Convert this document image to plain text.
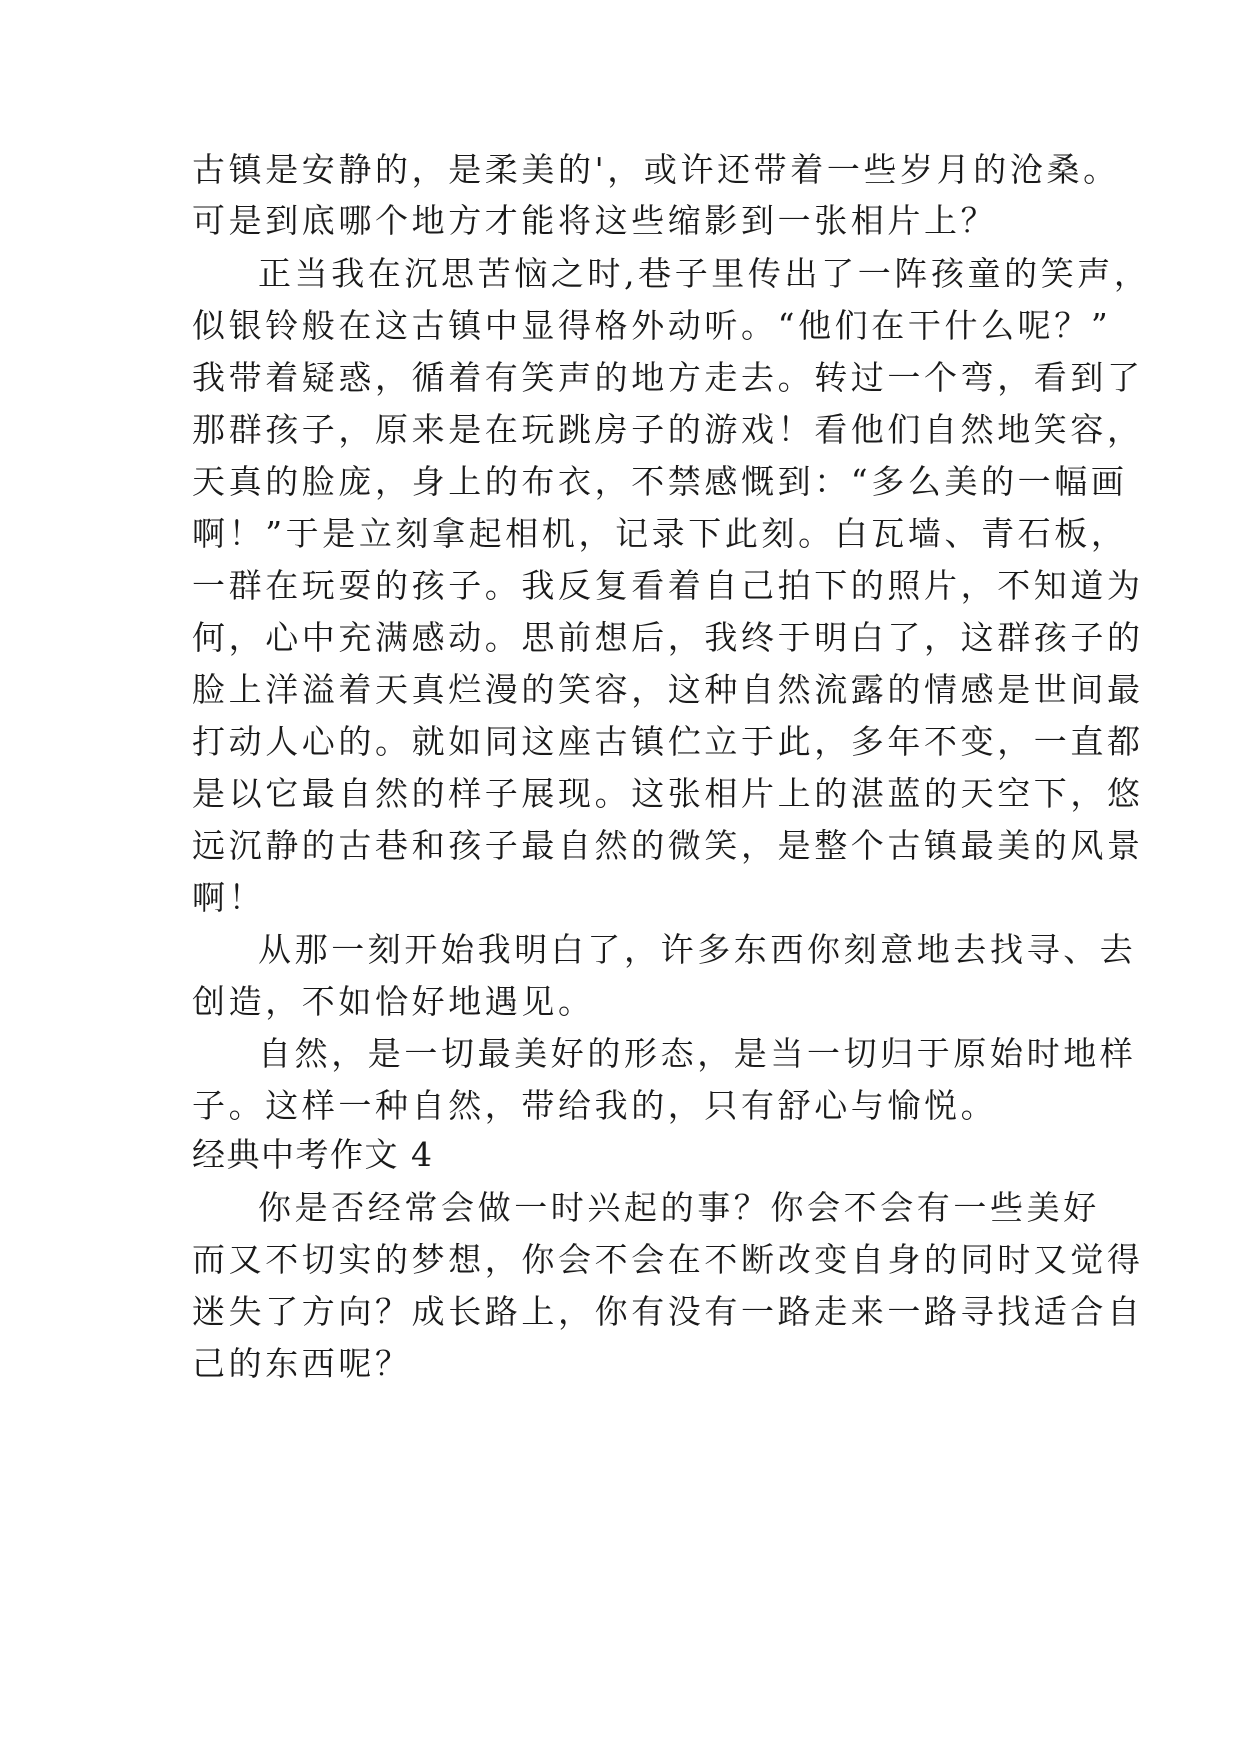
古镇是安静的，是柔美的'，或许还带着一些岁月的沧桑。

可是到底哪个地方才能将这些缩影到一张相片上？

正当我在沉思苦恼之时,巷子里传出了一阵孩童的笑声，

似银铃般在这古镇中显得格外动听。“他们在干什么呢？”

我带着疑惑，循着有笑声的地方走去。转过一个弯，看到了

那群孩子，原来是在玩跳房子的游戏！看他们自然地笑容，

天真的脸庞，身上的布衣，不禁感慨到：“多么美的一幅画

啊！”于是立刻拿起相机，记录下此刻。白瓦墙、青石板，

一群在玩耍的孩子。我反复看着自己拍下的照片，不知道为

何，心中充满感动。思前想后，我终于明白了，这群孩子的

脸上洋溢着天真烂漫的笑容，这种自然流露的情感是世间最

打动人心的。就如同这座古镇伫立于此，多年不变，一直都

是以它最自然的样子展现。这张相片上的湛蓝的天空下，悠

远沉静的古巷和孩子最自然的微笑，是整个古镇最美的风景

啊！

从那一刻开始我明白了，许多东西你刻意地去找寻、去

创造，不如恰好地遇见。

自然，是一切最美好的形态，是当一切归于原始时地样

子。这样一种自然，带给我的，只有舒心与愉悦。

经典中考作文 4

你是否经常会做一时兴起的事？你会不会有一些美好

而又不切实的梦想，你会不会在不断改变自身的同时又觉得

迷失了方向？成长路上，你有没有一路走来一路寻找适合自

己的东西呢？
